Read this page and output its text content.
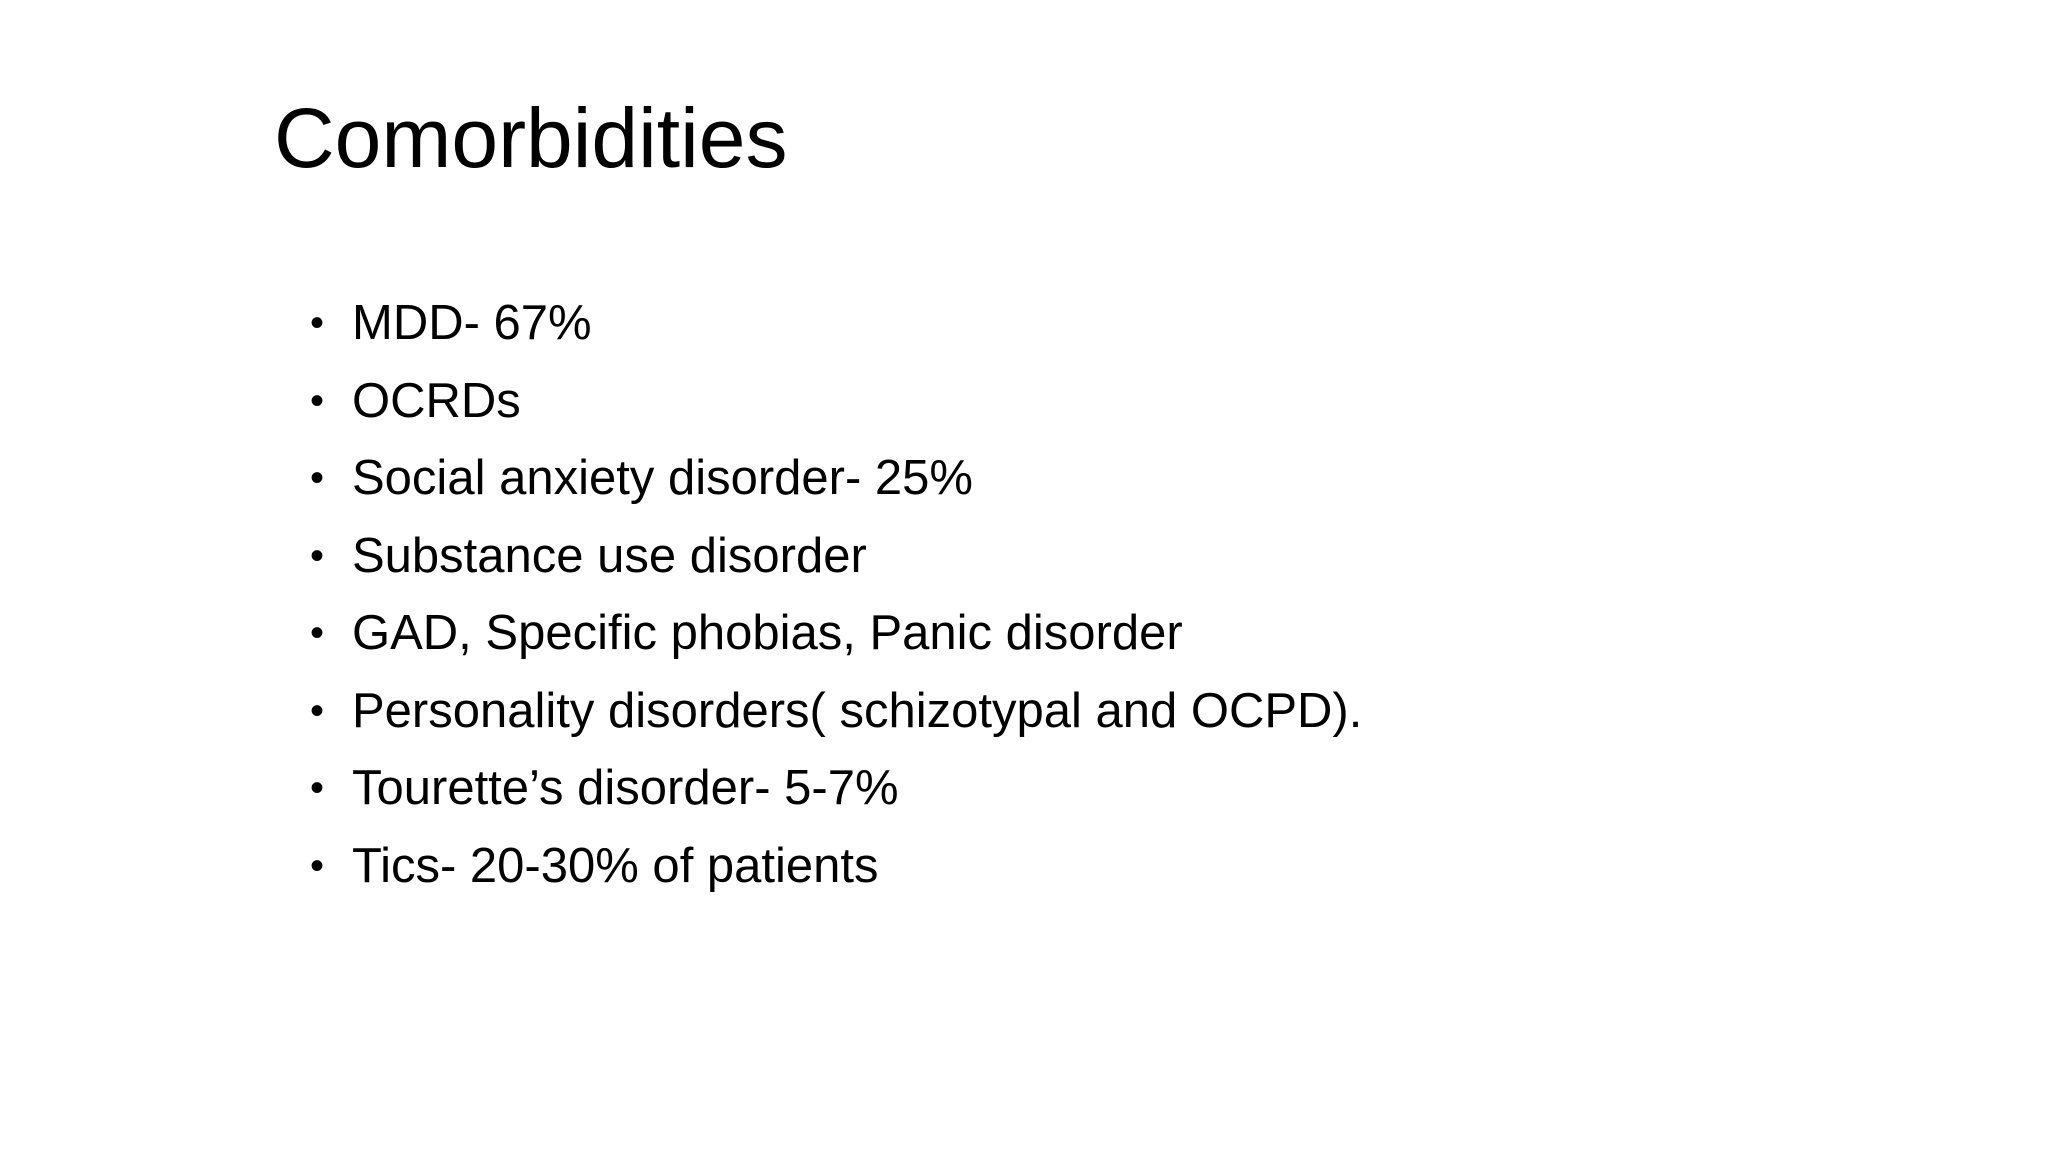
Comorbidities
• MDD- 67%
• OCRDs
• Social anxiety disorder- 25%
• Substance use disorder
• GAD, Specific phobias, Panic disorder
• Personality disorders( schizotypal and OCPD).
• Tourette’s disorder- 5-7%
• Tics- 20-30% of patients
